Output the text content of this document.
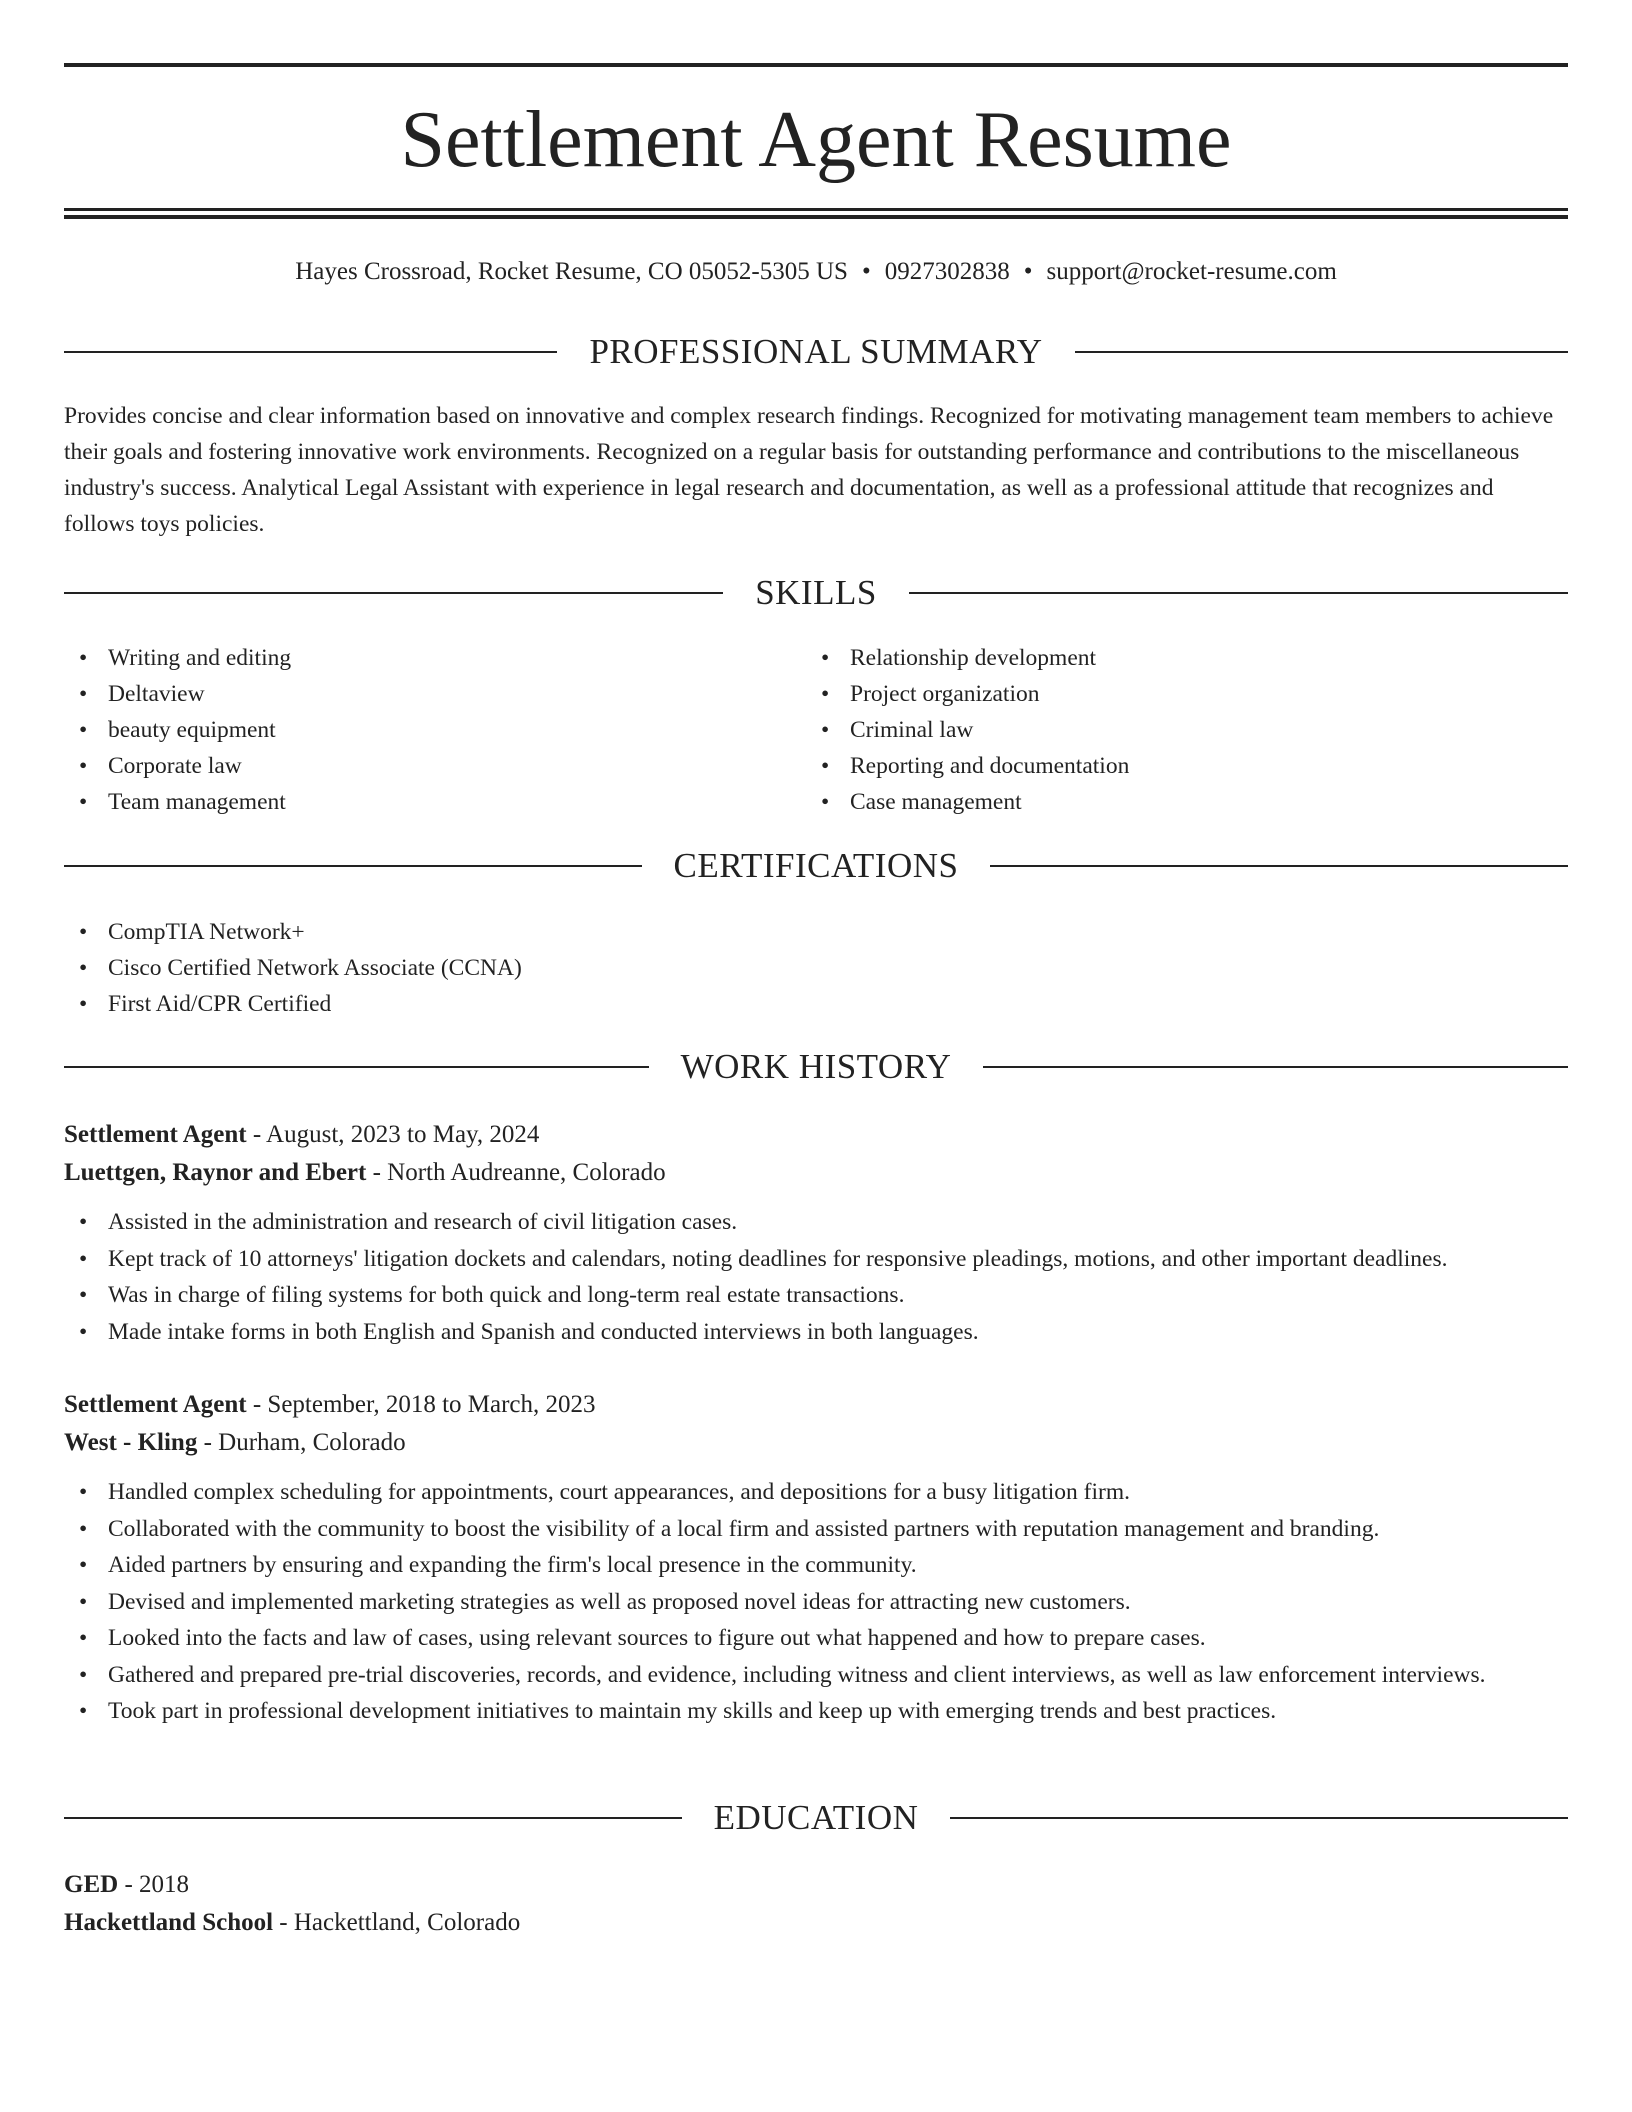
Settlement Agent Resume
Hayes Crossroad, Rocket Resume, CO 05052-5305 US • 0927302838 • support@rocket-resume.com
PROFESSIONAL SUMMARY

Provides concise and clear information based on innovative and complex research findings. Recognized for motivating management team members to achieve their goals and fostering innovative work environments. Recognized on a regular basis for outstanding performance and contributions to the miscellaneous industry's success. Analytical Legal Assistant with experience in legal research and documentation, as well as a professional attitude that recognizes and follows toys policies.

SKILLS
• Writing and editing
• Deltaview
• beauty equipment
• Corporate law
• Team management
• Relationship development
• Project organization
• Criminal law
• Reporting and documentation
• Case management
CERTIFICATIONS
• CompTIA Network+
• Cisco Certified Network Associate (CCNA)
• First Aid/CPR Certified
WORK HISTORY
Settlement Agent - August, 2023 to May, 2024
Luettgen, Raynor and Ebert - North Audreanne, Colorado
• Assisted in the administration and research of civil litigation cases.
• Kept track of 10 attorneys' litigation dockets and calendars, noting deadlines for responsive pleadings, motions, and other important deadlines.
• Was in charge of filing systems for both quick and long-term real estate transactions.
• Made intake forms in both English and Spanish and conducted interviews in both languages.
Settlement Agent - September, 2018 to March, 2023
West - Kling - Durham, Colorado
• Handled complex scheduling for appointments, court appearances, and depositions for a busy litigation firm.
• Collaborated with the community to boost the visibility of a local firm and assisted partners with reputation management and branding.
• Aided partners by ensuring and expanding the firm's local presence in the community.
• Devised and implemented marketing strategies as well as proposed novel ideas for attracting new customers.
• Looked into the facts and law of cases, using relevant sources to figure out what happened and how to prepare cases.
• Gathered and prepared pre-trial discoveries, records, and evidence, including witness and client interviews, as well as law enforcement interviews.
• Took part in professional development initiatives to maintain my skills and keep up with emerging trends and best practices.
EDUCATION
GED - 2018
Hackettland School - Hackettland, Colorado
